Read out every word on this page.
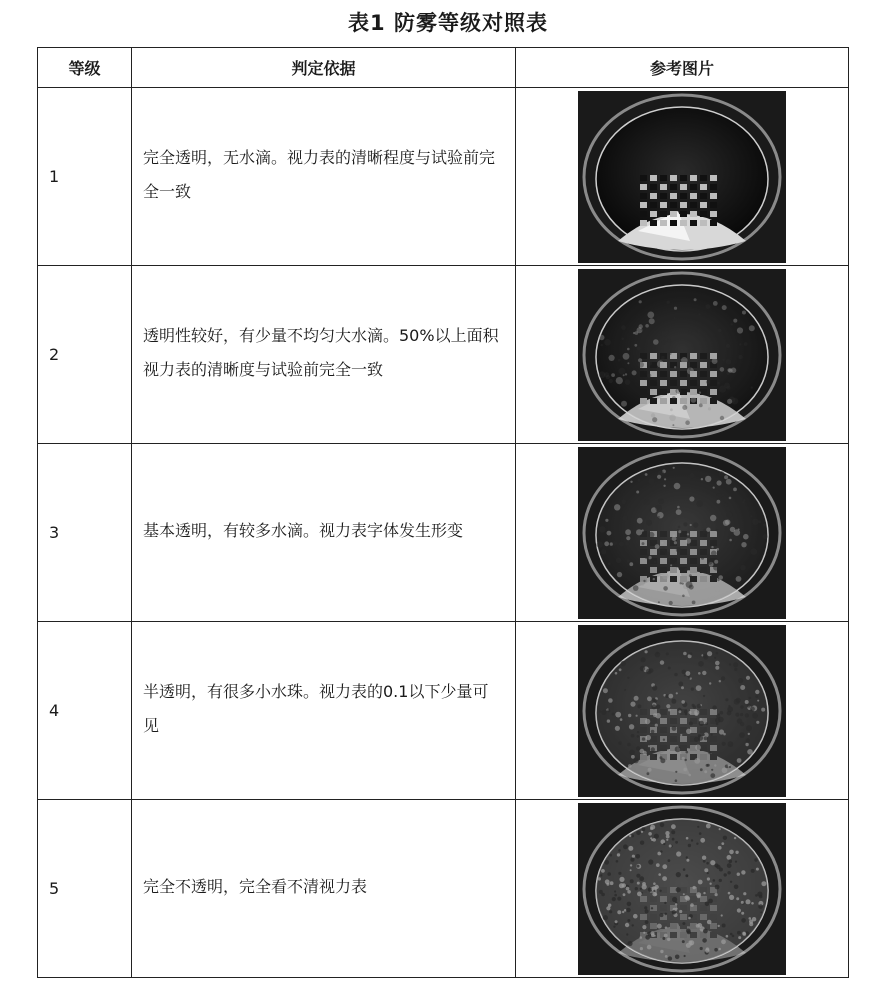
表1 防雾等级对照表
等级	判定依据	参考图片
1	完全透明，无水滴。视力表的清晰程度与试验前完全一致	

2	透明性较好，有少量不均匀大水滴。50%以上面积视力表的清晰度与试验前完全一致	

3	基本透明，有较多水滴。视力表字体发生形变	

4	半透明，有很多小水珠。视力表的0.1以下少量可见	

5	完全不透明，完全看不清视力表	
